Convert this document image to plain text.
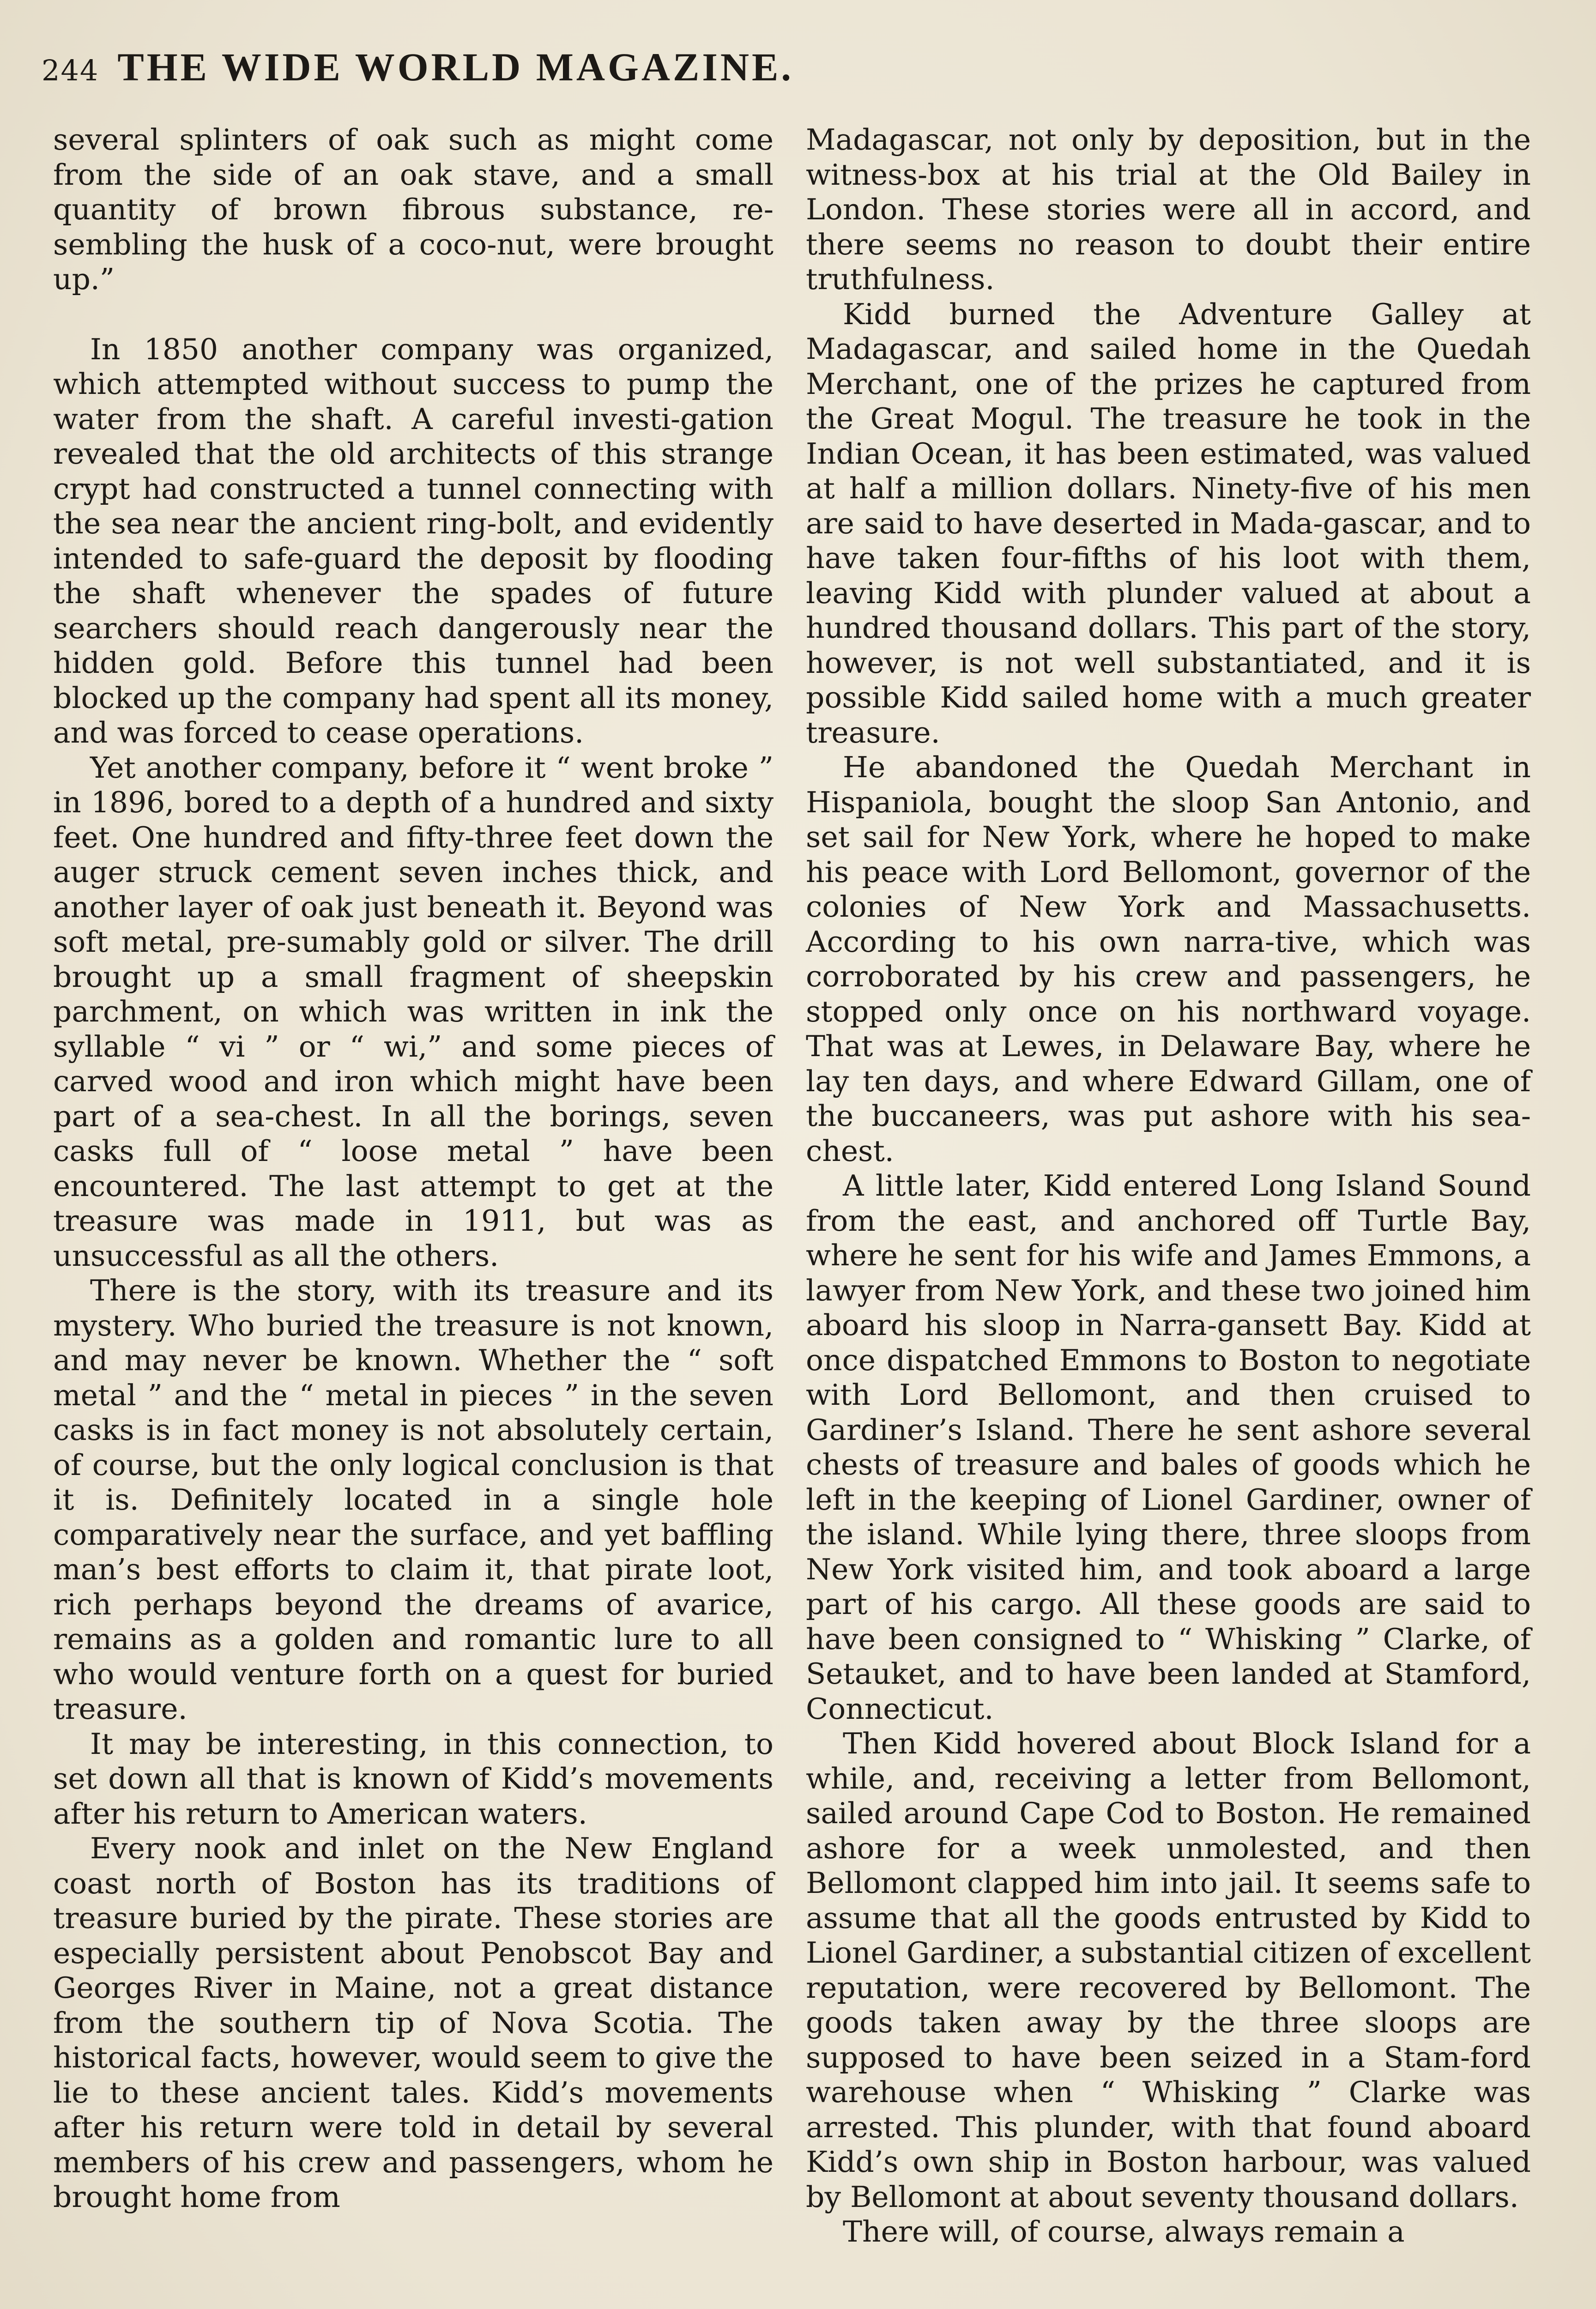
244 THE WIDE WORLD MAGAZINE.

several splinters of oak such as might come from the side of an oak stave, and a small quantity of brown fibrous substance, re-sembling the husk of a coco-nut, were brought up.”

In 1850 another company was organized, which attempted without success to pump the water from the shaft. A careful investi-gation revealed that the old architects of this strange crypt had constructed a tunnel connecting with the sea near the ancient ring-bolt, and evidently intended to safe-guard the deposit by flooding the shaft whenever the spades of future searchers should reach dangerously near the hidden gold. Before this tunnel had been blocked up the company had spent all its money, and was forced to cease operations.

Yet another company, before it “ went broke ” in 1896, bored to a depth of a hundred and sixty feet. One hundred and fifty-three feet down the auger struck cement seven inches thick, and another layer of oak just beneath it. Beyond was soft metal, pre-sumably gold or silver. The drill brought up a small fragment of sheepskin parchment, on which was written in ink the syllable “ vi ” or “ wi,” and some pieces of carved wood and iron which might have been part of a sea-chest. In all the borings, seven casks full of “ loose metal ” have been encountered. The last attempt to get at the treasure was made in 1911, but was as unsuccessful as all the others.

There is the story, with its treasure and its mystery. Who buried the treasure is not known, and may never be known. Whether the “ soft metal ” and the “ metal in pieces ” in the seven casks is in fact money is not absolutely certain, of course, but the only logical conclusion is that it is. Definitely located in a single hole comparatively near the surface, and yet baffling man’s best efforts to claim it, that pirate loot, rich perhaps beyond the dreams of avarice, remains as a golden and romantic lure to all who would venture forth on a quest for buried treasure.

It may be interesting, in this connection, to set down all that is known of Kidd’s movements after his return to American waters.

Every nook and inlet on the New England coast north of Boston has its traditions of treasure buried by the pirate. These stories are especially persistent about Penobscot Bay and Georges River in Maine, not a great distance from the southern tip of Nova Scotia. The historical facts, however, would seem to give the lie to these ancient tales. Kidd’s movements after his return were told in detail by several members of his crew and passengers, whom he brought home from

Madagascar, not only by deposition, but in the witness-box at his trial at the Old Bailey in London. These stories were all in accord, and there seems no reason to doubt their entire truthfulness.

Kidd burned the Adventure Galley at Madagascar, and sailed home in the Quedah Merchant, one of the prizes he captured from the Great Mogul. The treasure he took in the Indian Ocean, it has been estimated, was valued at half a million dollars. Ninety-five of his men are said to have deserted in Mada-gascar, and to have taken four-fifths of his loot with them, leaving Kidd with plunder valued at about a hundred thousand dollars. This part of the story, however, is not well substantiated, and it is possible Kidd sailed home with a much greater treasure.

He abandoned the Quedah Merchant in Hispaniola, bought the sloop San Antonio, and set sail for New York, where he hoped to make his peace with Lord Bellomont, governor of the colonies of New York and Massachusetts. According to his own narra-tive, which was corroborated by his crew and passengers, he stopped only once on his northward voyage. That was at Lewes, in Delaware Bay, where he lay ten days, and where Edward Gillam, one of the buccaneers, was put ashore with his sea-chest.

A little later, Kidd entered Long Island Sound from the east, and anchored off Turtle Bay, where he sent for his wife and James Emmons, a lawyer from New York, and these two joined him aboard his sloop in Narra-gansett Bay. Kidd at once dispatched Emmons to Boston to negotiate with Lord Bellomont, and then cruised to Gardiner’s Island. There he sent ashore several chests of treasure and bales of goods which he left in the keeping of Lionel Gardiner, owner of the island. While lying there, three sloops from New York visited him, and took aboard a large part of his cargo. All these goods are said to have been consigned to “ Whisking ” Clarke, of Setauket, and to have been landed at Stamford, Connecticut.

Then Kidd hovered about Block Island for a while, and, receiving a letter from Bellomont, sailed around Cape Cod to Boston. He remained ashore for a week unmolested, and then Bellomont clapped him into jail. It seems safe to assume that all the goods entrusted by Kidd to Lionel Gardiner, a substantial citizen of excellent reputation, were recovered by Bellomont. The goods taken away by the three sloops are supposed to have been seized in a Stam-ford warehouse when “ Whisking ” Clarke was arrested. This plunder, with that found aboard Kidd’s own ship in Boston harbour, was valued by Bellomont at about seventy thousand dollars.

There will, of course, always remain a
